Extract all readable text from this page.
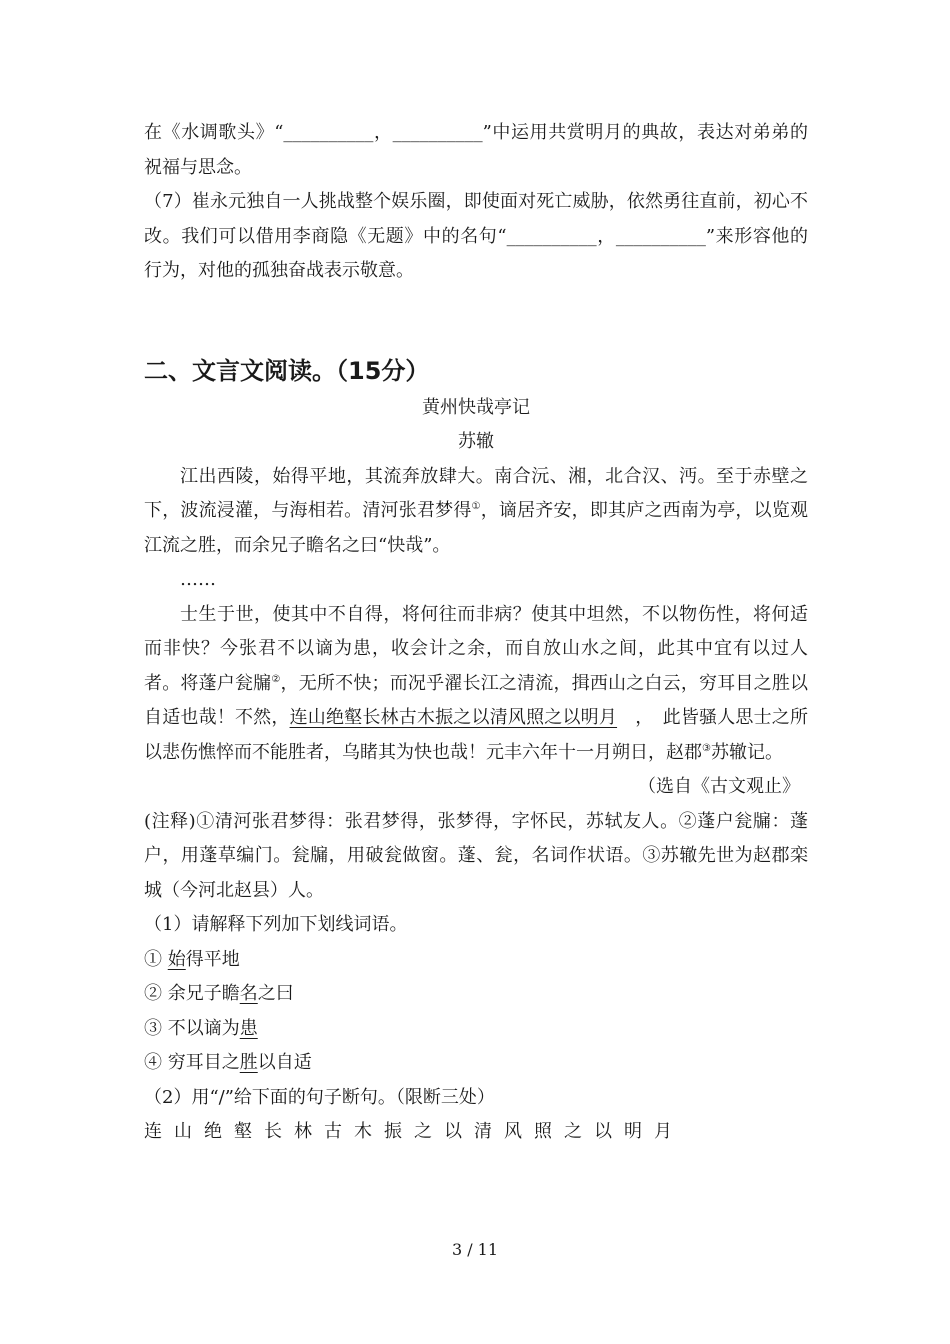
在《水调歌头》“__________，__________”中运用共赏明月的典故，表达对弟弟的祝福与思念。

（7）崔永元独自一人挑战整个娱乐圈，即使面对死亡威胁，依然勇往直前，初心不改。我们可以借用李商隐《无题》中的名句“__________，__________”来形容他的行为，对他的孤独奋战表示敬意。

二、文言文阅读。（15分）

黄州快哉亭记

苏辙

江出西陵，始得平地，其流奔放肆大。南合沅、湘，北合汉、沔。至于赤壁之下，波流浸灌，与海相若。清河张君梦得①，谪居齐安，即其庐之西南为亭，以览观江流之胜，而余兄子瞻名之曰“快哉”。

……

士生于世，使其中不自得，将何往而非病？使其中坦然，不以物伤性，将何适而非快？今张君不以谪为患，收会计之余，而自放山水之间，此其中宜有以过人者。将蓬户瓮牖②，无所不快；而况乎濯长江之清流，揖西山之白云，穷耳目之胜以自适也哉！不然，连山绝壑长林古木振之以清风照之以明月　，　此皆骚人思士之所以悲伤憔悴而不能胜者，乌睹其为快也哉！元丰六年十一月朔日，赵郡③苏辙记。

（选自《古文观止》

(注释)①清河张君梦得：张君梦得，张梦得，字怀民，苏轼友人。②蓬户瓮牖：蓬户，用蓬草编门。瓮牖，用破瓮做窗。蓬、瓮，名词作状语。③苏辙先世为赵郡栾城（今河北赵县）人。

（1）请解释下列加下划线词语。

① 始得平地

② 余兄子瞻名之曰

③ 不以谪为患

④ 穷耳目之胜以自适

（2）用“/”给下面的句子断句。（限断三处）

连山绝壑长林古木振之以清风照之以明月

3 / 11
